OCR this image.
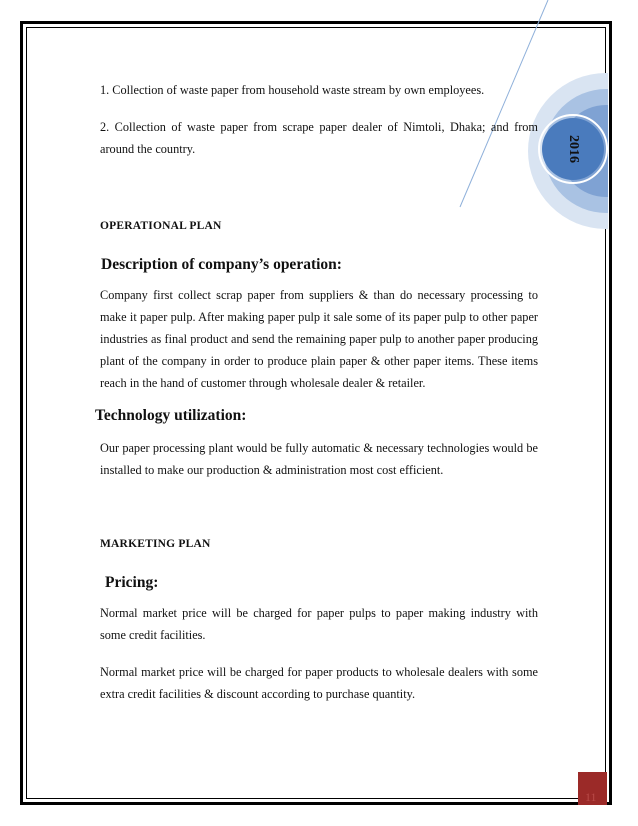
2016

1. Collection of waste paper from household waste stream by own employees.

2. Collection of waste paper from scrape paper dealer of Nimtoli, Dhaka; and from around the country.

OPERATIONAL PLAN
Description of company’s operation:

Company first collect scrap paper from suppliers & than do necessary processing to make it paper pulp. After making paper pulp it sale some of its paper pulp to other paper industries as final product and send the remaining paper pulp to another paper producing plant of the company in order to produce plain paper & other paper items. These items reach in the hand of customer through wholesale dealer & retailer.

Technology utilization:

Our paper processing plant would be fully automatic & necessary technologies would be installed to make our production & administration most cost efficient.

MARKETING PLAN
Pricing:

Normal market price will be charged for paper pulps to paper making industry with some credit facilities.

Normal market price will be charged for paper products to wholesale dealers with some extra credit facilities & discount according to purchase quantity.

11
